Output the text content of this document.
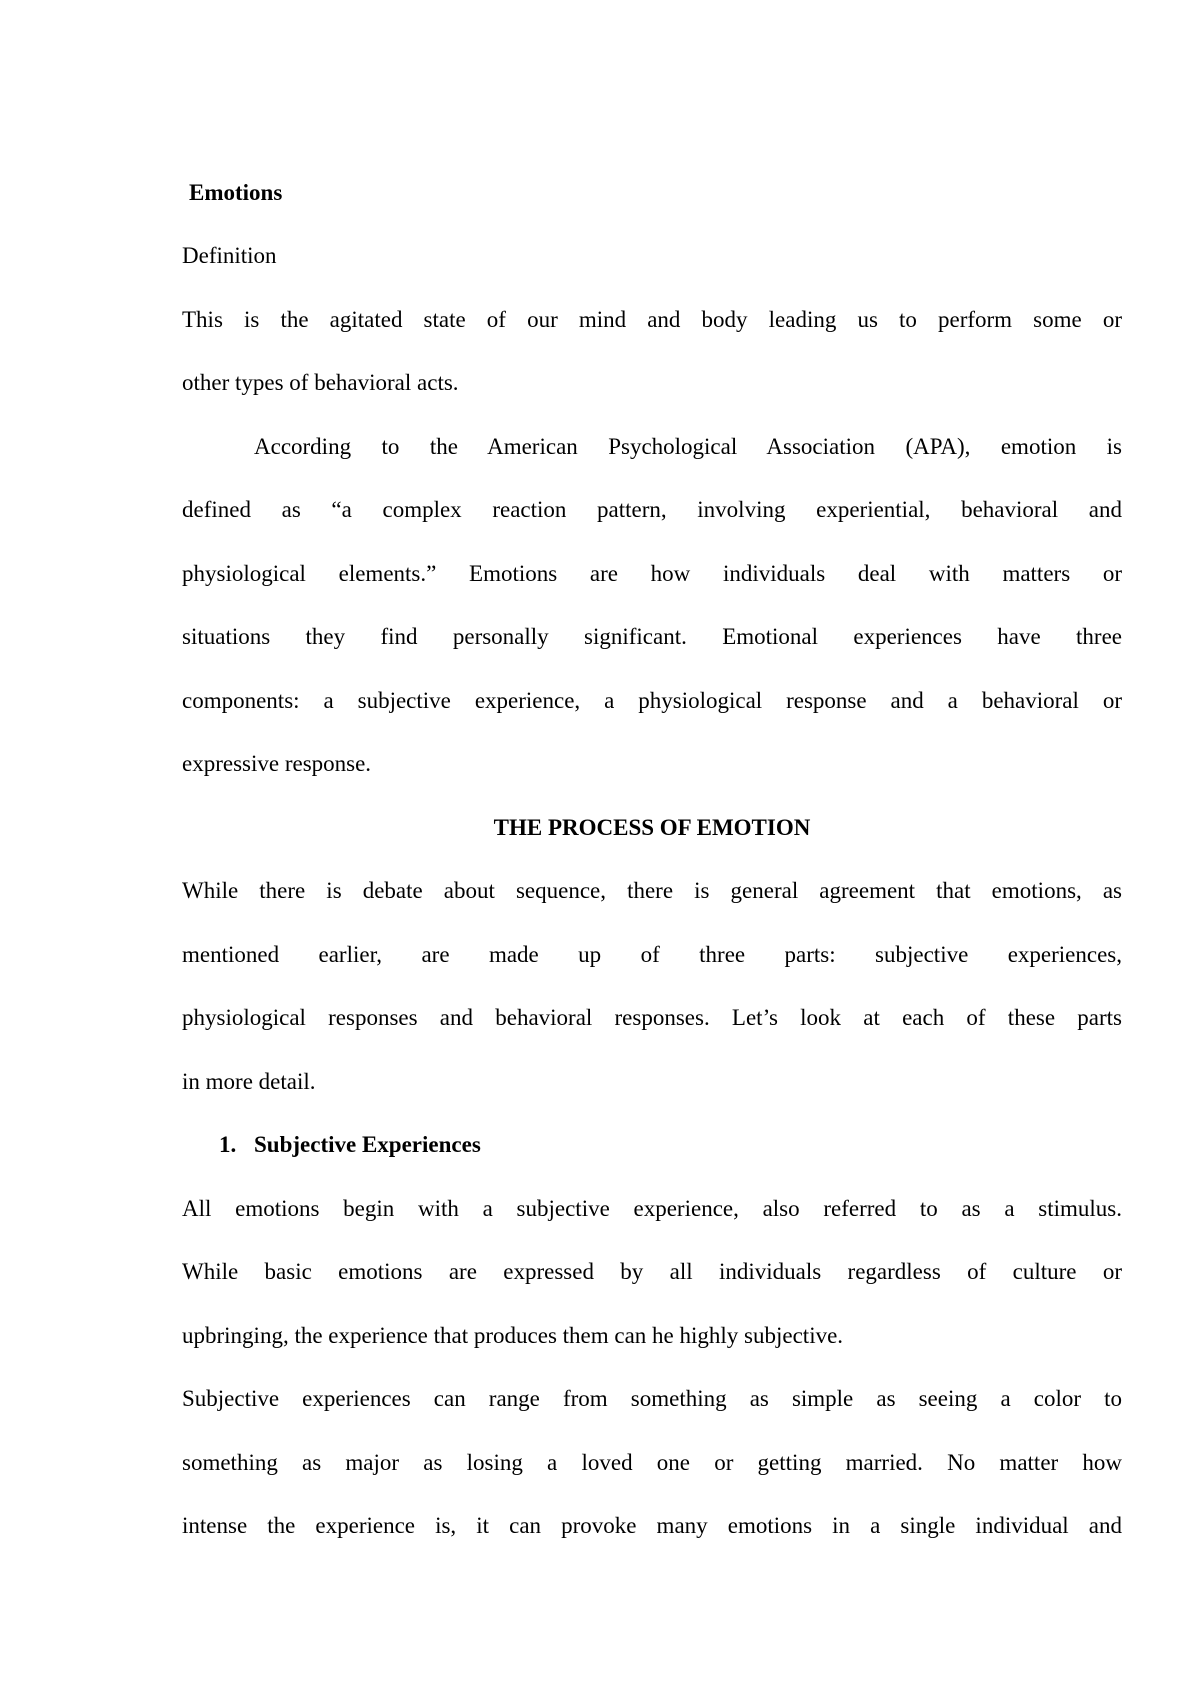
Emotions
Definition
This is the agitated state of our mind and body leading us to perform some or
other types of behavioral acts.
According to the American Psychological Association (APA), emotion is
defined as “a complex reaction pattern, involving experiential, behavioral and
physiological elements.” Emotions are how individuals deal with matters or
situations they find personally significant. Emotional experiences have three
components: a subjective experience, a physiological response and a behavioral or
expressive response.
THE PROCESS OF EMOTION
While there is debate about sequence, there is general agreement that emotions, as
mentioned earlier, are made up of three parts: subjective experiences,
physiological responses and behavioral responses. Let’s look at each of these parts
in more detail.
1. Subjective Experiences
All emotions begin with a subjective experience, also referred to as a stimulus.
While basic emotions are expressed by all individuals regardless of culture or
upbringing, the experience that produces them can he highly subjective.
Subjective experiences can range from something as simple as seeing a color to
something as major as losing a loved one or getting married. No matter how
intense the experience is, it can provoke many emotions in a single individual and
